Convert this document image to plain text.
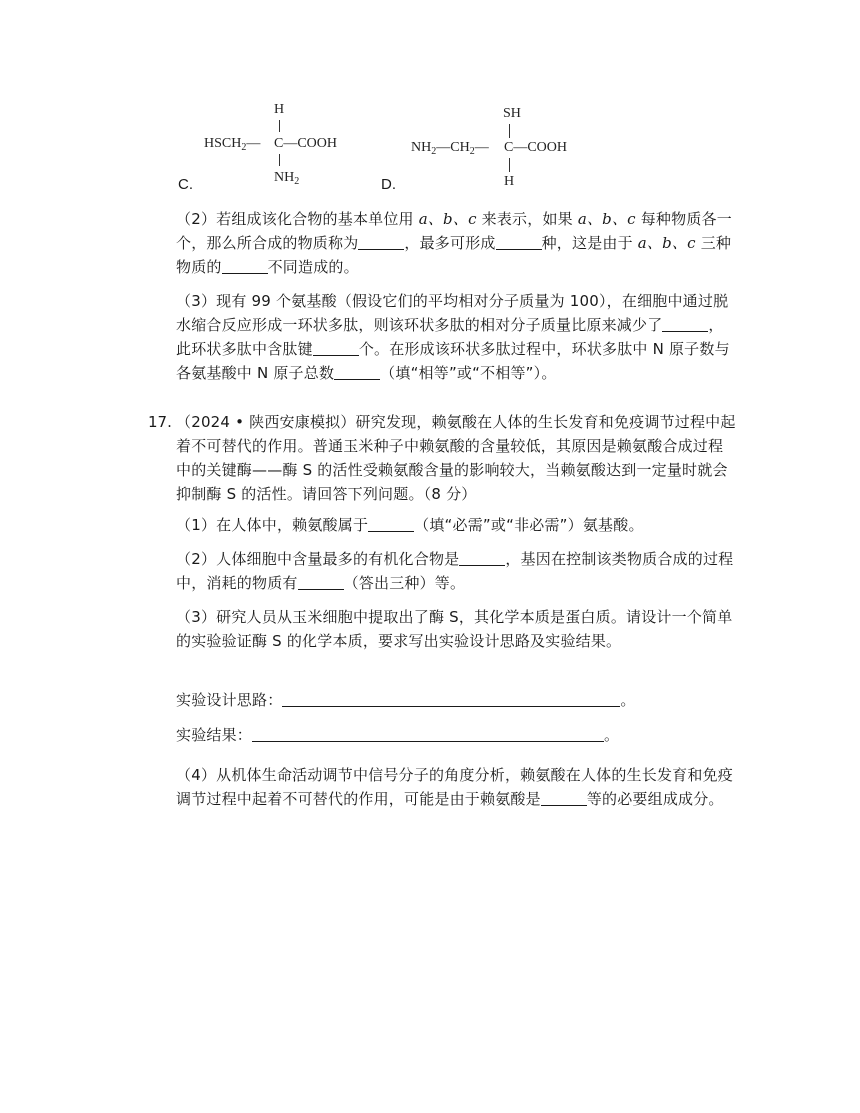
H
$HSCH_2—$ C—COOH
$NH_2$
C.
SH
$NH_2—CH_2—$ C—COOH
H
D.
（2）若组成该化合物的基本单位用 a、b、c 来表示，如果 a、b、c 每种物质各一个，那么所合成的物质称为	，最多可形成	种，这是由于 a、b、c 三种物质的	不同造成的。
（3）现有 99 个氨基酸（假设它们的平均相对分子质量为 100），在细胞中通过脱水缩合反应形成一环状多肽，则该环状多肽的相对分子质量比原来减少了	，此环状多肽中含肽键	个。在形成该环状多肽过程中，环状多肽中 N 原子数与各氨基酸中 N 原子总数	（填“相等”或“不相等”）。
17. （2024 • 陕西安康模拟）研究发现，赖氨酸在人体的生长发育和免疫调节过程中起着不可替代的作用。普通玉米种子中赖氨酸的含量较低，其原因是赖氨酸合成过程中的关键酶——酶 S 的活性受赖氨酸含量的影响较大，当赖氨酸达到一定量时就会抑制酶 S 的活性。请回答下列问题。（8 分）
（1）在人体中，赖氨酸属于	（填“必需”或“非必需”）氨基酸。
（2）人体细胞中含量最多的有机化合物是	，基因在控制该类物质合成的过程中，消耗的物质有	（答出三种）等。
（3）研究人员从玉米细胞中提取出了酶 S，其化学本质是蛋白质。请设计一个简单的实验验证酶 S 的化学本质，要求写出实验设计思路及实验结果。
实验设计思路：	。
实验结果：	。
（4）从机体生命活动调节中信号分子的角度分析，赖氨酸在人体的生长发育和免疫调节过程中起着不可替代的作用，可能是由于赖氨酸是	等的必要组成成分。
